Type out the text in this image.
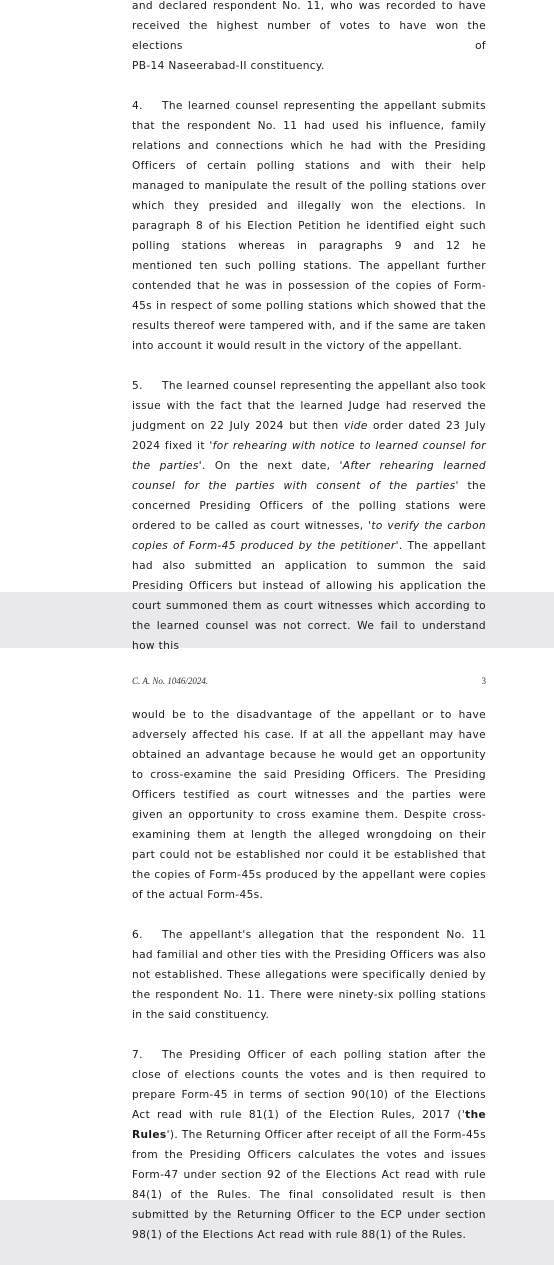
and declared respondent No. 11, who was recorded to have
received the highest number of votes to have won the elections of
PB-14 Naseerabad-II constituency.

4. The learned counsel representing the appellant submits that the respondent No. 11 had used his influence, family relations and connections which he had with the Presiding Officers of certain polling stations and with their help managed to manipulate the result of the polling stations over which they presided and illegally won the elections. In paragraph 8 of his Election Petition he identified eight such polling stations whereas in paragraphs 9 and 12 he mentioned ten such polling stations. The appellant further contended that he was in possession of the copies of Form-45s in respect of some polling stations which showed that the results thereof were tampered with, and if the same are taken into account it would result in the victory of the appellant.

5. The learned counsel representing the appellant also took issue with the fact that the learned Judge had reserved the judgment on 22 July 2024 but then vide order dated 23 July 2024 fixed it 'for rehearing with notice to learned counsel for the parties'. On the next date, 'After rehearing learned counsel for the parties with consent of the parties' the concerned Presiding Officers of the polling stations were ordered to be called as court witnesses, 'to verify the carbon copies of Form-45 produced by the petitioner'. The appellant had also submitted an application to summon the said Presiding Officers but instead of allowing his application the court summoned them as court witnesses which according to the learned counsel was not correct. We fail to understand how this

C. A. No. 1046/2024.	3

would be to the disadvantage of the appellant or to have adversely affected his case. If at all the appellant may have obtained an advantage because he would get an opportunity to cross-examine the said Presiding Officers. The Presiding Officers testified as court witnesses and the parties were given an opportunity to cross examine them. Despite cross-examining them at length the alleged wrongdoing on their part could not be established nor could it be established that the copies of Form-45s produced by the appellant were copies of the actual Form-45s.

6. The appellant's allegation that the respondent No. 11 had familial and other ties with the Presiding Officers was also not established. These allegations were specifically denied by the respondent No. 11. There were ninety-six polling stations in the said constituency.

7. The Presiding Officer of each polling station after the close of elections counts the votes and is then required to prepare Form-45 in terms of section 90(10) of the Elections Act read with rule 81(1) of the Election Rules, 2017 ('the Rules'). The Returning Officer after receipt of all the Form-45s from the Presiding Officers calculates the votes and issues Form-47 under section 92 of the Elections Act read with rule 84(1) of the Rules. The final consolidated result is then submitted by the Returning Officer to the ECP under section 98(1) of the Elections Act read with rule 88(1) of the Rules.
